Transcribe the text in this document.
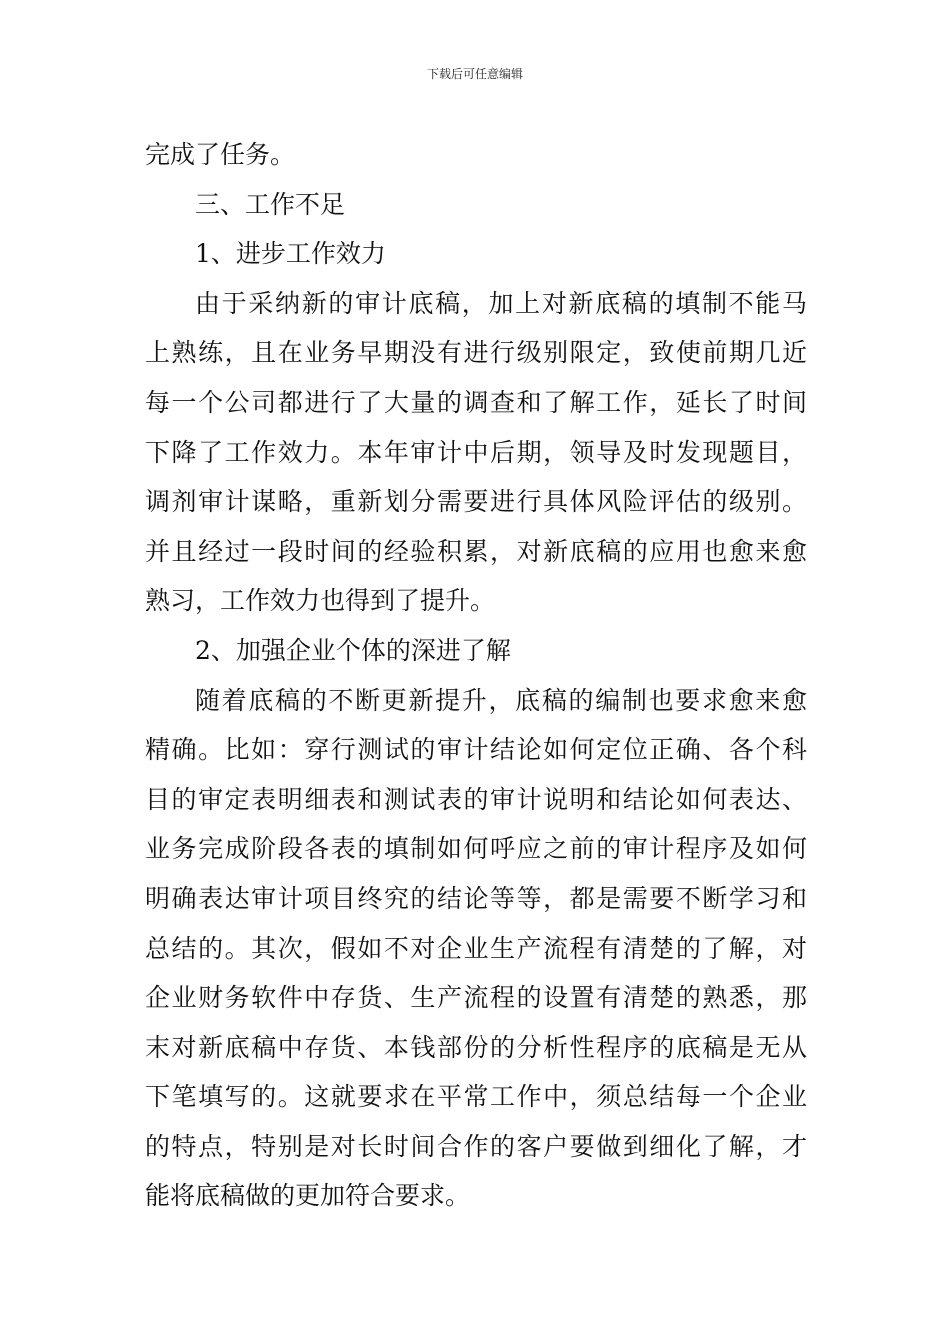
下载后可任意编辑
完成了任务。
三、工作不足
1、进步工作效力
由于采纳新的审计底稿，加上对新底稿的填制不能马
上熟练，且在业务早期没有进行级别限定，致使前期几近
每一个公司都进行了大量的调查和了解工作，延长了时间
下降了工作效力。本年审计中后期，领导及时发现题目，
调剂审计谋略，重新划分需要进行具体风险评估的级别。
并且经过一段时间的经验积累，对新底稿的应用也愈来愈
熟习，工作效力也得到了提升。
2、加强企业个体的深进了解
随着底稿的不断更新提升，底稿的编制也要求愈来愈
精确。比如：穿行测试的审计结论如何定位正确、各个科
目的审定表明细表和测试表的审计说明和结论如何表达、
业务完成阶段各表的填制如何呼应之前的审计程序及如何
明确表达审计项目终究的结论等等，都是需要不断学习和
总结的。其次，假如不对企业生产流程有清楚的了解，对
企业财务软件中存货、生产流程的设置有清楚的熟悉，那
末对新底稿中存货、本钱部份的分析性程序的底稿是无从
下笔填写的。这就要求在平常工作中，须总结每一个企业
的特点，特别是对长时间合作的客户要做到细化了解，才
能将底稿做的更加符合要求。
